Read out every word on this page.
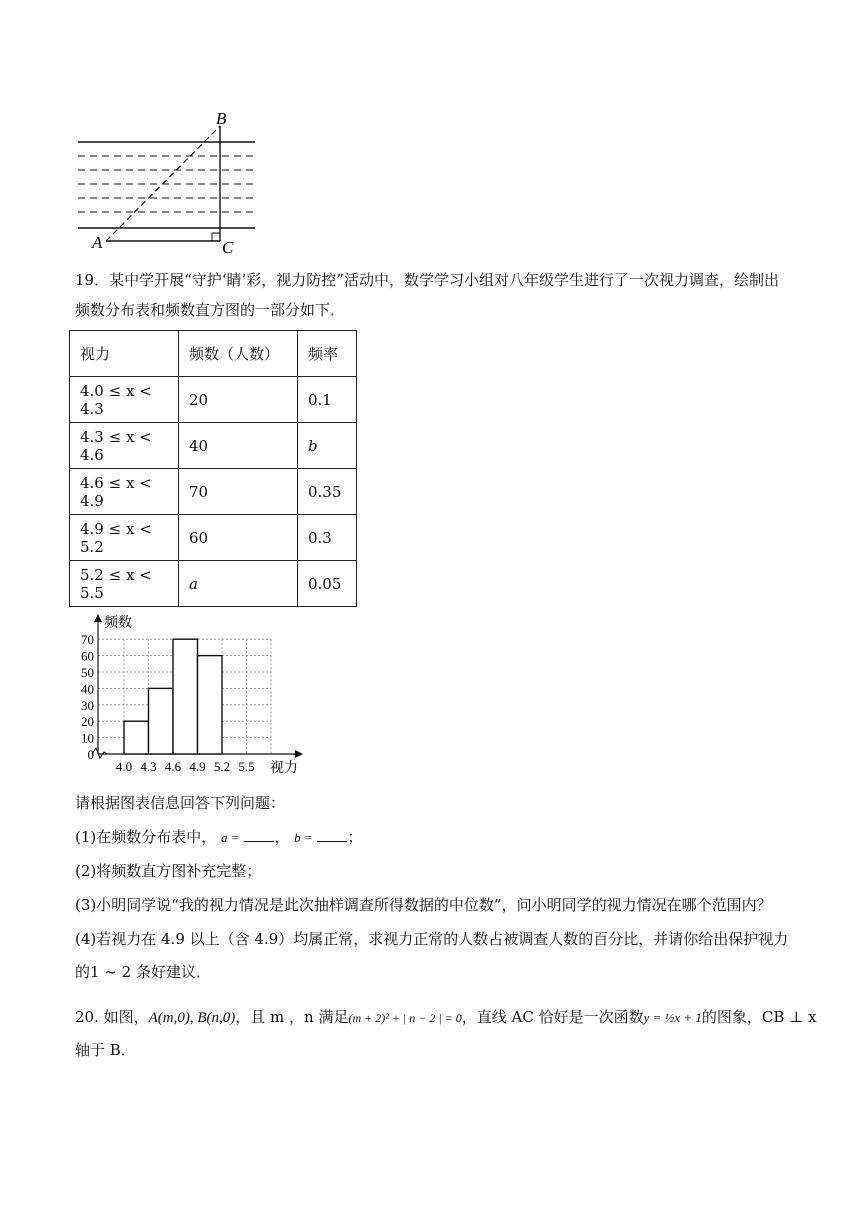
B
A	C
19．某中学开展“守护‘睛’彩，视力防控”活动中，数学学习小组对八年级学生进行了一次视力调查，绘制出
频数分布表和频数直方图的一部分如下．
视力	频数（人数）	频率
4.0 ≤ x < 4.3	20	0.1
4.3 ≤ x < 4.6	40	b
4.6 ≤ x < 4.9	70	0.35
4.9 ≤ x < 5.2	60	0.3
5.2 ≤ x < 5.5	a	0.05
0
10
20
30
40
50
60
70
4.0 4.3 4.6 4.9 5.2 5.5
频数
视力
请根据图表信息回答下列问题：
(1)在频数分布表中， a = ， b = ；
(2)将频数直方图补充完整；
(3)小明同学说“我的视力情况是此次抽样调查所得数据的中位数”，问小明同学的视力情况在哪个范围内？
(4)若视力在 4.9 以上（含 4.9）均属正常，求视力正常的人数占被调查人数的百分比，并请你给出保护视力
的1 ~ 2 条好建议．
20. 如图，A(m,0), B(n,0)，且 m ，n 满足(m + 2)² + | n − 2 | = 0，直线 AC 恰好是一次函数y = ½x + 1的图象，CB ⊥ x
轴于 B．
